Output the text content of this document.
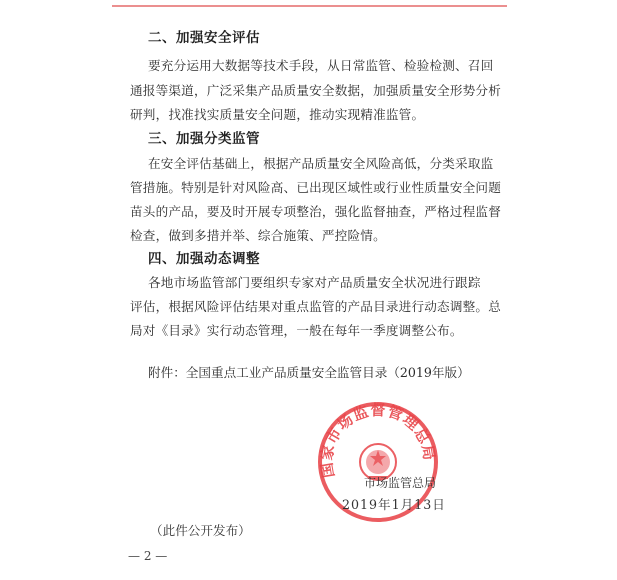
二、加强安全评估
要充分运用大数据等技术手段，从日常监管、检验检测、召回
通报等渠道，广泛采集产品质量安全数据，加强质量安全形势分析
研判，找准找实质量安全问题，推动实现精准监管。
三、加强分类监管
在安全评估基础上，根据产品质量安全风险高低，分类采取监
管措施。特别是针对风险高、已出现区域性或行业性质量安全问题
苗头的产品，要及时开展专项整治，强化监督抽查，严格过程监督
检查，做到多措并举、综合施策、严控险情。
四、加强动态调整
各地市场监管部门要组织专家对产品质量安全状况进行跟踪
评估，根据风险评估结果对重点监管的产品目录进行动态调整。总
局对《目录》实行动态管理，一般在每年一季度调整公布。
附件：全国重点工业产品质量安全监管目录（2019年版）
国家市场监督管理总局
市场监管总局
2019年1月13日
（此件公开发布）
— 2 —
